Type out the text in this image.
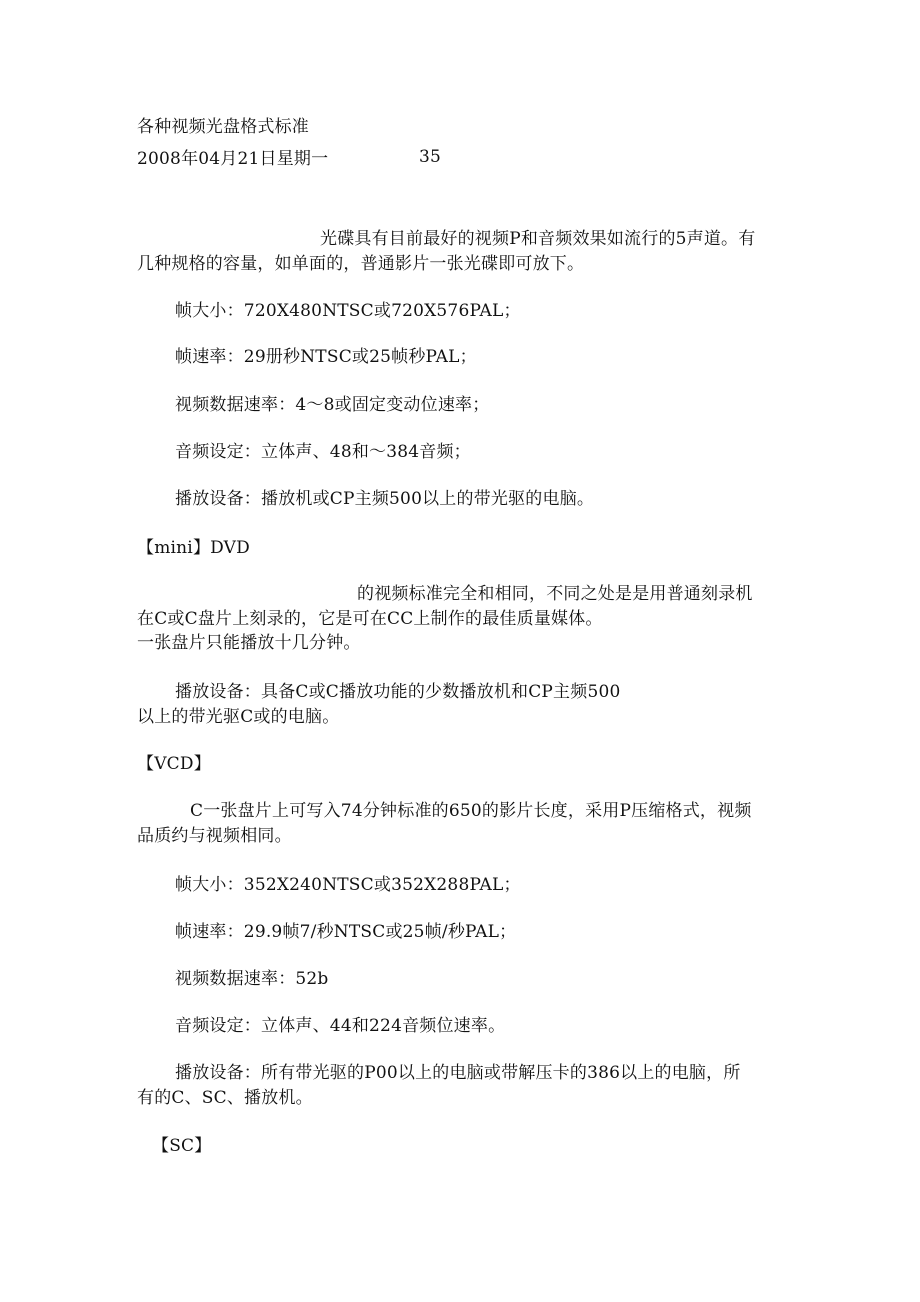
各种视频光盘格式标准
2008年04月21日星期一	35
光碟具有目前最好的视频P和音频效果如流行的5声道。有
几种规格的容量，如单面的，普通影片一张光碟即可放下。
帧大小：720X480NTSC或720X576PAL；
帧速率：29册秒NTSC或25帧秒PAL；
视频数据速率：4～8或固定变动位速率；
音频设定：立体声、48和～384音频；
播放设备：播放机或CP主频500以上的带光驱的电脑。
【mini】DVD
的视频标准完全和相同，不同之处是是用普通刻录机
在C或C盘片上刻录的，它是可在CC上制作的最佳质量媒体。
一张盘片只能播放十几分钟。
播放设备：具备C或C播放功能的少数播放机和CP主频500
以上的带光驱C或的电脑。
【VCD】
C一张盘片上可写入74分钟标准的650的影片长度，采用P压缩格式，视频
品质约与视频相同。
帧大小：352X240NTSC或352X288PAL；
帧速率：29.9帧7/秒NTSC或25帧/秒PAL；
视频数据速率：52b
音频设定：立体声、44和224音频位速率。
播放设备：所有带光驱的P00以上的电脑或带解压卡的386以上的电脑，所
有的C、SC、播放机。
【SC】
